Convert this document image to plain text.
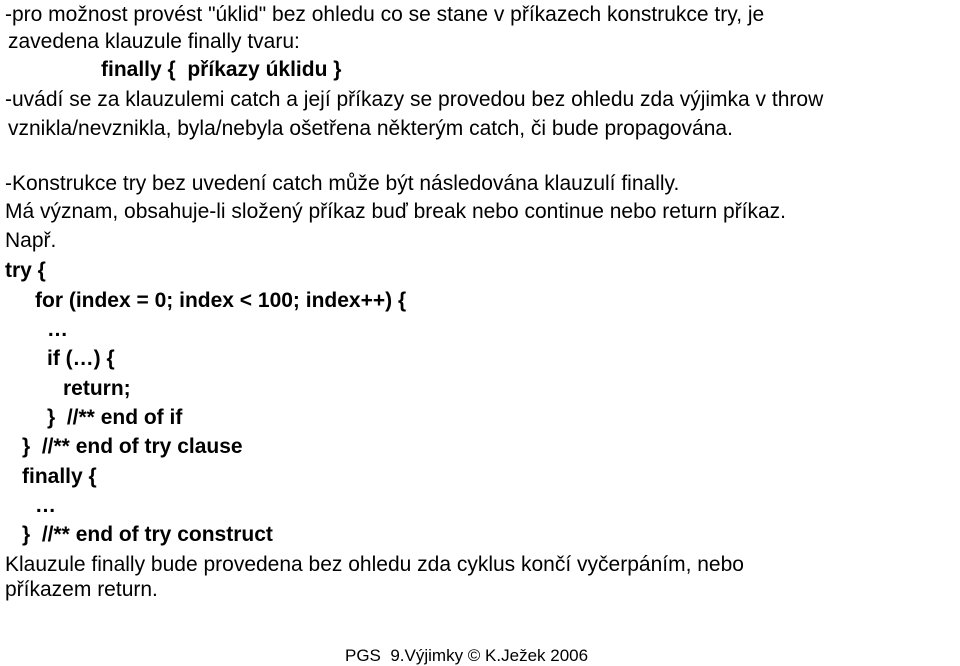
-pro možnost provést "úklid" bez ohledu co se stane v příkazech konstrukce try, je
zavedena klauzule finally tvaru:
finally {  příkazy úklidu }
-uvádí se za klauzulemi catch a její příkazy se provedou bez ohledu zda výjimka v throw
vznikla/nevznikla, byla/nebyla ošetřena některým catch, či bude propagována.
-Konstrukce try bez uvedení catch může být následována klauzulí finally.
Má význam, obsahuje-li složený příkaz buď break nebo continue nebo return příkaz.
Např.
try {
for (index = 0; index < 100; index++) {
…
if (…) {
return;
}  //** end of if
}  //** end of try clause
finally {
…
}  //** end of try construct
Klauzule finally bude provedena bez ohledu zda cyklus končí vyčerpáním, nebo
příkazem return.
PGS  9.Výjimky © K.Ježek 2006
